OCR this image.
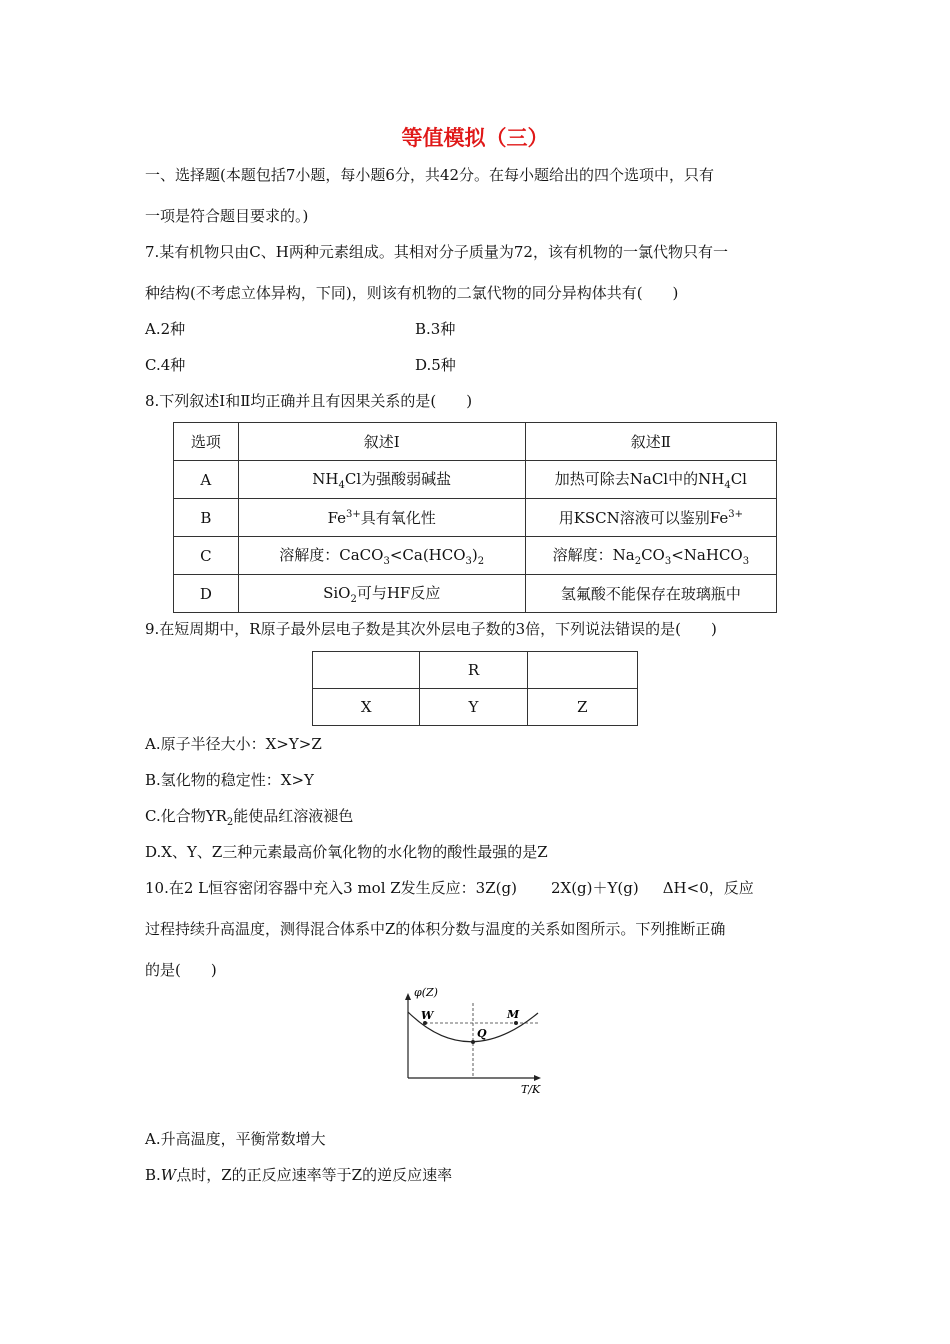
等值模拟（三）
一、选择题(本题包括7小题，每小题6分，共42分。在每小题给出的四个选项中，只有
一项是符合题目要求的。)
7.某有机物只由C、H两种元素组成。其相对分子质量为72，该有机物的一氯代物只有一
种结构(不考虑立体异构，下同)，则该有机物的二氯代物的同分异构体共有(　　)
A.2种	B.3种
C.4种	D.5种
8.下列叙述Ⅰ和Ⅱ均正确并且有因果关系的是(　　)
选项	叙述Ⅰ	叙述Ⅱ
A	$NH_4Cl$为强酸弱碱盐	加热可除去NaCl中的$NH_4Cl$
B	$Fe^{3+}$具有氧化性	用KSCN溶液可以鉴别$Fe^{3+}$
C	溶解度：$CaCO_3<Ca(HCO_3)_2$	溶解度：$Na_2CO_3<NaHCO_3$
D	SiO$_2$可与HF反应	氢氟酸不能保存在玻璃瓶中
9.在短周期中，R原子最外层电子数是其次外层电子数的3倍，下列说法错误的是(　　)
	R	
X	Y	Z
A.原子半径大小：X>Y>Z
B.氢化物的稳定性：X>Y
C.化合物$YR_2$能使品红溶液褪色
D.X、Y、Z三种元素最高价氧化物的水化物的酸性最强的是Z
10.在2 L恒容密闭容器中充入3 mol Z发生反应：3Z(g) 2X(g)＋Y(g) ΔH<0，反应
过程持续升高温度，测得混合体系中Z的体积分数与温度的关系如图所示。下列推断正确
的是(　　)
φ(Z)
T/K
W
Q
M
A.升高温度，平衡常数增大
B.W点时，Z的正反应速率等于Z的逆反应速率
